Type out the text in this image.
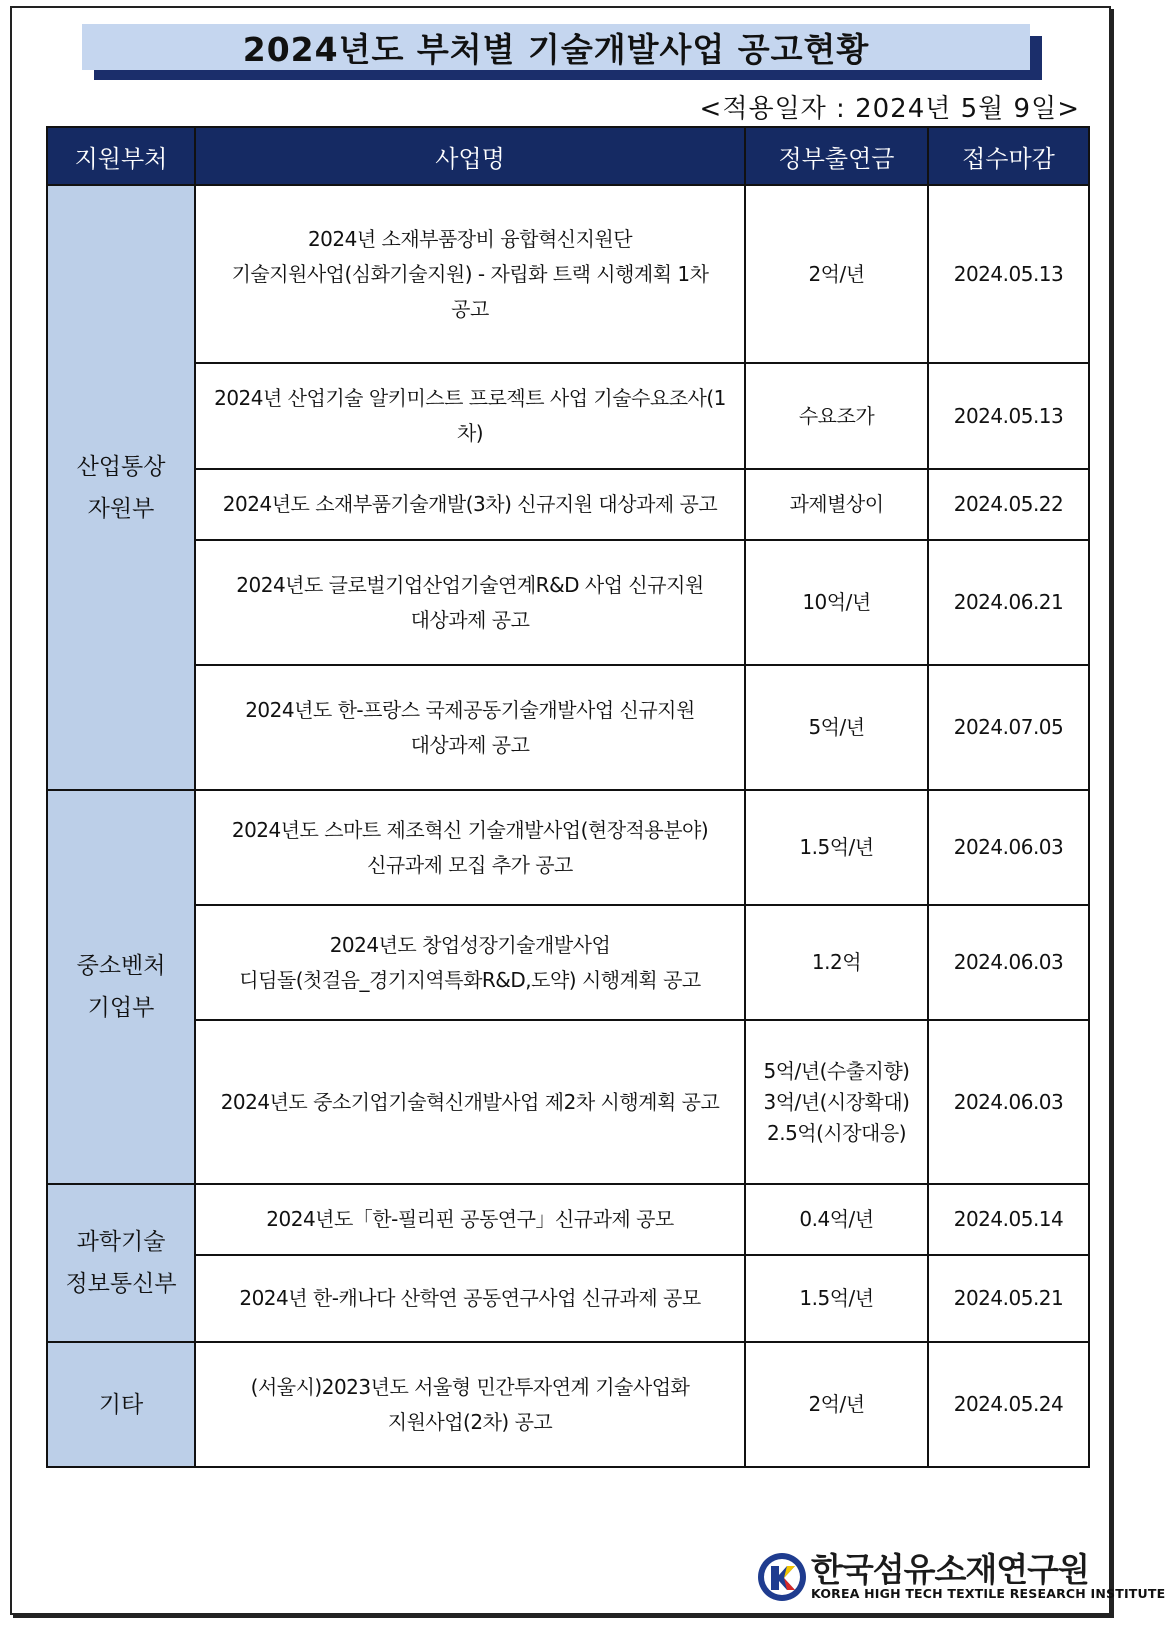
2024년도 부처별 기술개발사업 공고현황
<적용일자 : 2024년 5월 9일>
지원부처	사업명	정부출연금	접수마감

산업통상
자원부	2024년 소재부품장비 융합혁신지원단
기술지원사업(심화기술지원) - 자립화 트랙 시행계획 1차
공고	2억/년	2024.05.13
	2024년 산업기술 알키미스트 프로젝트 사업 기술수요조사(1차)	수요조가	2024.05.13
	2024년도 소재부품기술개발(3차) 신규지원 대상과제 공고	과제별상이	2024.05.22

	2024년도 글로벌기업산업기술연계R&D 사업 신규지원
대상과제 공고	10억/년	2024.06.21

	2024년도 한-프랑스 국제공동기술개발사업 신규지원
대상과제 공고	5억/년	2024.07.05

중소벤처
기업부	2024년도 스마트 제조혁신 기술개발사업(현장적용분야)
신규과제 모집 추가 공고	1.5억/년	2024.06.03

	2024년도 창업성장기술개발사업
디딤돌(첫걸음_경기지역특화R&D,도약) 시행계획 공고	1.2억	2024.06.03
	2024년도 중소기업기술혁신개발사업 제2차 시행계획 공고	5억/년(수출지향)
3억/년(시장확대)
2.5억(시장대응)	2024.06.03

과학기술
정보통신부	2024년도「한-필리핀 공동연구」신규과제 공모	0.4억/년	2024.05.14
	2024년 한-캐나다 산학연 공동연구사업 신규과제 공모	1.5억/년	2024.05.21
기타	(서울시)2023년도 서울형 민간투자연계 기술사업화
지원사업(2차) 공고	2억/년	2024.05.24
한국섬유소재연구원
KOREA HIGH TECH TEXTILE RESEARCH INSTITUTE
